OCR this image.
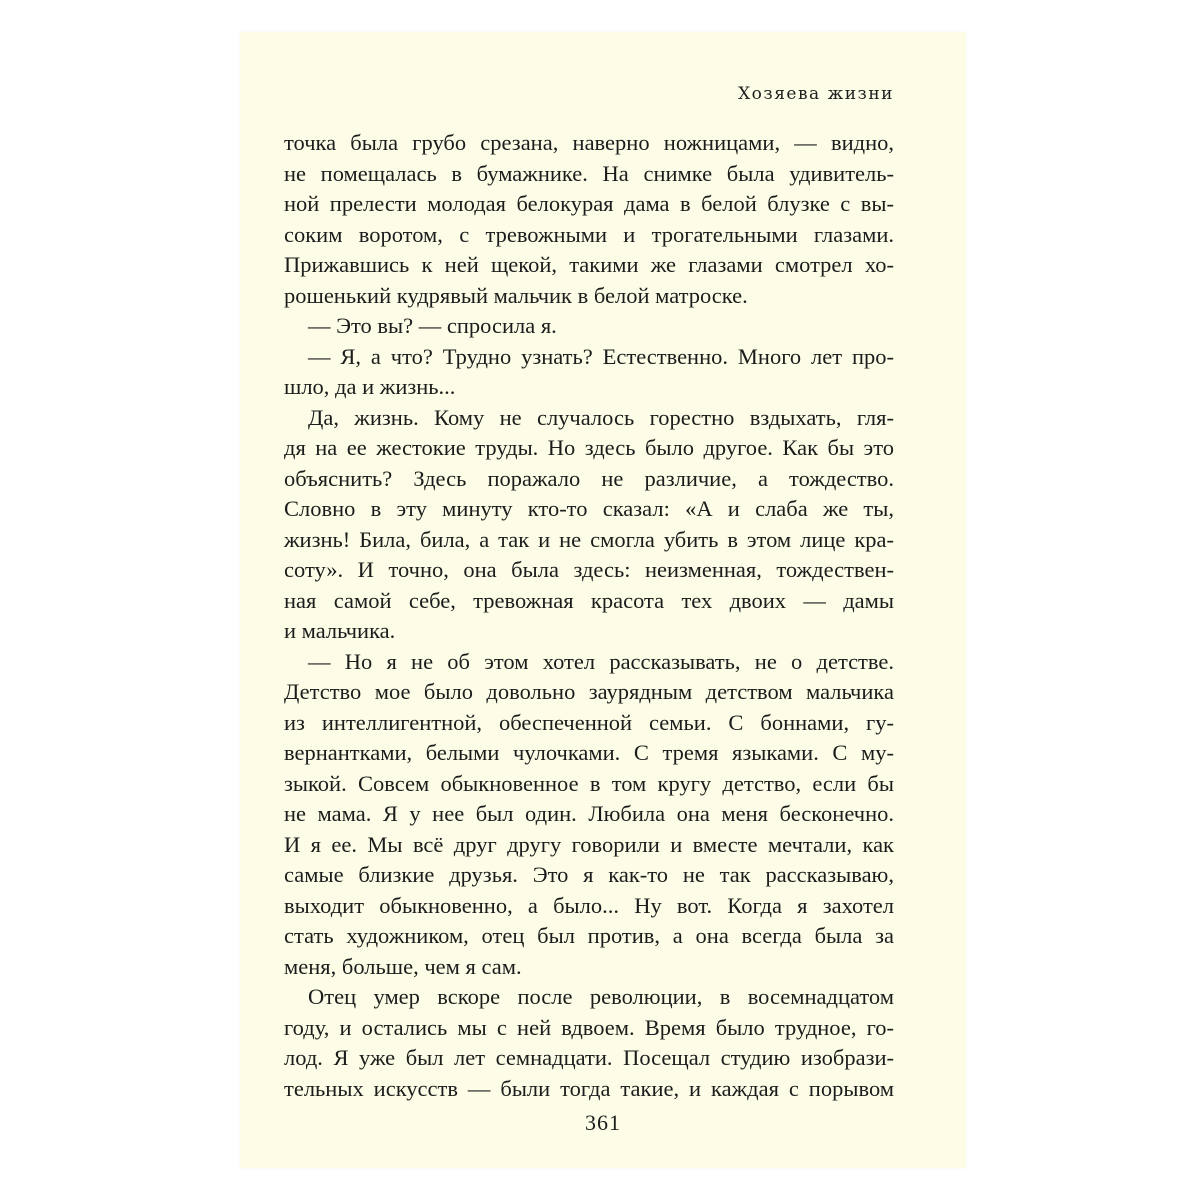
Хозяева жизни
точка была грубо срезана, наверно ножницами, — видно,
не помещалась в бумажнике. На снимке была удивитель-
ной прелести молодая белокурая дама в белой блузке с вы-
соким воротом, с тревожными и трогательными глазами.
Прижавшись к ней щекой, такими же глазами смотрел хо-
рошенький кудрявый мальчик в белой матроске.
— Это вы? — спросила я.
— Я, а что? Трудно узнать? Естественно. Много лет про-
шло, да и жизнь...
Да, жизнь. Кому не случалось горестно вздыхать, гля-
дя на ее жестокие труды. Но здесь было другое. Как бы это
объяснить? Здесь поражало не различие, а тождество.
Словно в эту минуту кто-то сказал: «А и слаба же ты,
жизнь! Била, била, а так и не смогла убить в этом лице кра-
соту». И точно, она была здесь: неизменная, тождествен-
ная самой себе, тревожная красота тех двоих — дамы
и мальчика.
— Но я не об этом хотел рассказывать, не о детстве.
Детство мое было довольно заурядным детством мальчика
из интеллигентной, обеспеченной семьи. С боннами, гу-
вернантками, белыми чулочками. С тремя языками. С му-
зыкой. Совсем обыкновенное в том кругу детство, если бы
не мама. Я у нее был один. Любила она меня бесконечно.
И я ее. Мы всё друг другу говорили и вместе мечтали, как
самые близкие друзья. Это я как-то не так рассказываю,
выходит обыкновенно, а было... Ну вот. Когда я захотел
стать художником, отец был против, а она всегда была за
меня, больше, чем я сам.
Отец умер вскоре после революции, в восемнадцатом
году, и остались мы с ней вдвоем. Время было трудное, го-
лод. Я уже был лет семнадцати. Посещал студию изобрази-
тельных искусств — были тогда такие, и каждая с порывом
361
